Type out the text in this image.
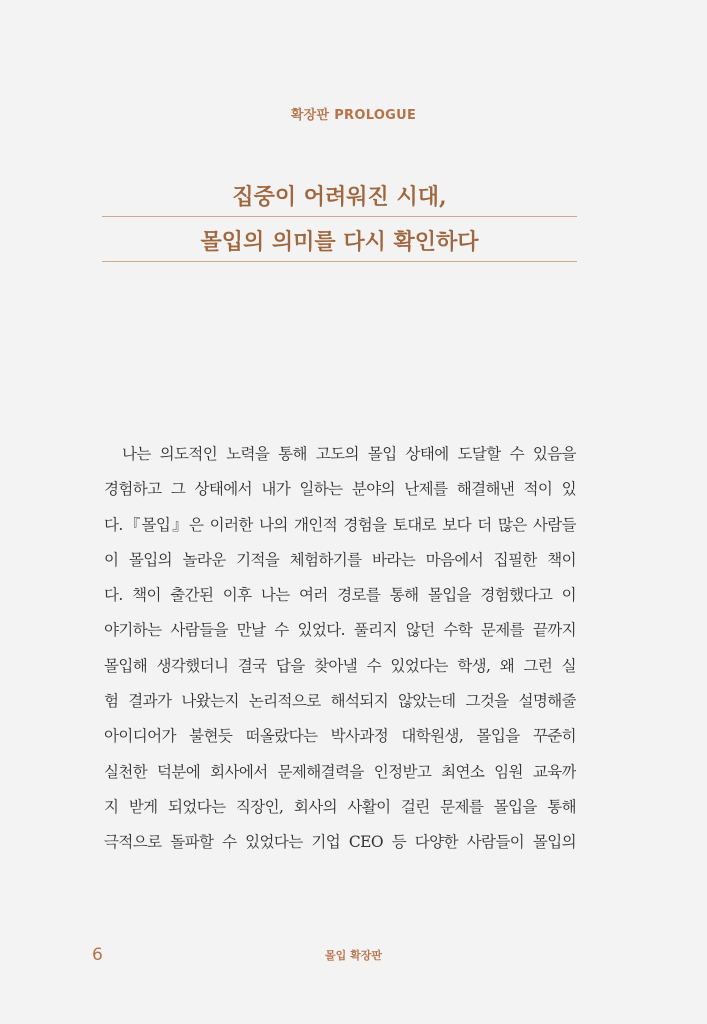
확장판 PROLOGUE
집중이 어려워진 시대,
몰입의 의미를 다시 확인하다
나는 의도적인 노력을 통해 고도의 몰입 상태에 도달할 수 있음을
경험하고 그 상태에서 내가 일하는 분야의 난제를 해결해낸 적이 있
다.『몰입』은 이러한 나의 개인적 경험을 토대로 보다 더 많은 사람들
이 몰입의 놀라운 기적을 체험하기를 바라는 마음에서 집필한 책이
다. 책이 출간된 이후 나는 여러 경로를 통해 몰입을 경험했다고 이
야기하는 사람들을 만날 수 있었다. 풀리지 않던 수학 문제를 끝까지
몰입해 생각했더니 결국 답을 찾아낼 수 있었다는 학생, 왜 그런 실
험 결과가 나왔는지 논리적으로 해석되지 않았는데 그것을 설명해줄
아이디어가 불현듯 떠올랐다는 박사과정 대학원생, 몰입을 꾸준히
실천한 덕분에 회사에서 문제해결력을 인정받고 최연소 임원 교육까
지 받게 되었다는 직장인, 회사의 사활이 걸린 문제를 몰입을 통해
극적으로 돌파할 수 있었다는 기업 CEO 등 다양한 사람들이 몰입의
6	몰입 확장판
